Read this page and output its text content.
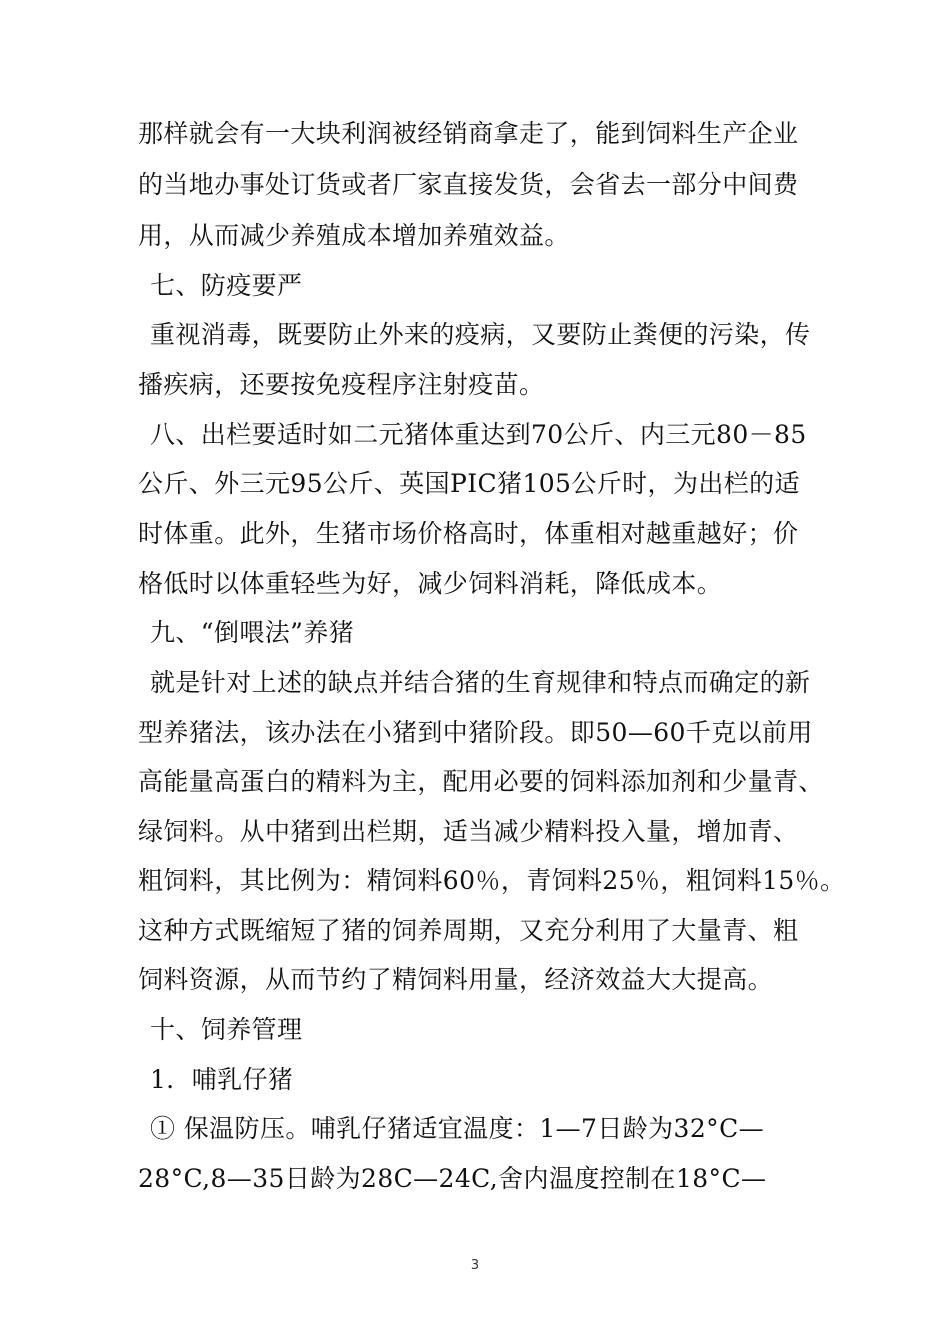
那样就会有一大块利润被经销商拿走了，能到饲料生产企业
的当地办事处订货或者厂家直接发货，会省去一部分中间费
用，从而减少养殖成本增加养殖效益。
七、防疫要严
重视消毒，既要防止外来的疫病，又要防止粪便的污染，传
播疾病，还要按免疫程序注射疫苗。
八、出栏要适时如二元猪体重达到70公斤、内三元80－85
公斤、外三元95公斤、英国PIC猪105公斤时，为出栏的适
时体重。此外，生猪市场价格高时，体重相对越重越好；价
格低时以体重轻些为好，减少饲料消耗，降低成本。
九、“倒喂法”养猪
就是针对上述的缺点并结合猪的生育规律和特点而确定的新
型养猪法，该办法在小猪到中猪阶段。即50—60千克以前用
高能量高蛋白的精料为主，配用必要的饲料添加剂和少量青、
绿饲料。从中猪到出栏期，适当减少精料投入量，增加青、
粗饲料，其比例为：精饲料60％，青饲料25％，粗饲料15％。
这种方式既缩短了猪的饲养周期，又充分利用了大量青、粗
饲料资源，从而节约了精饲料用量，经济效益大大提高。
十、饲养管理
1．哺乳仔猪
① 保温防压。哺乳仔猪适宜温度：1—7日龄为32°C—
28°C,8—35日龄为28C—24C,舍内温度控制在18°C—
3
